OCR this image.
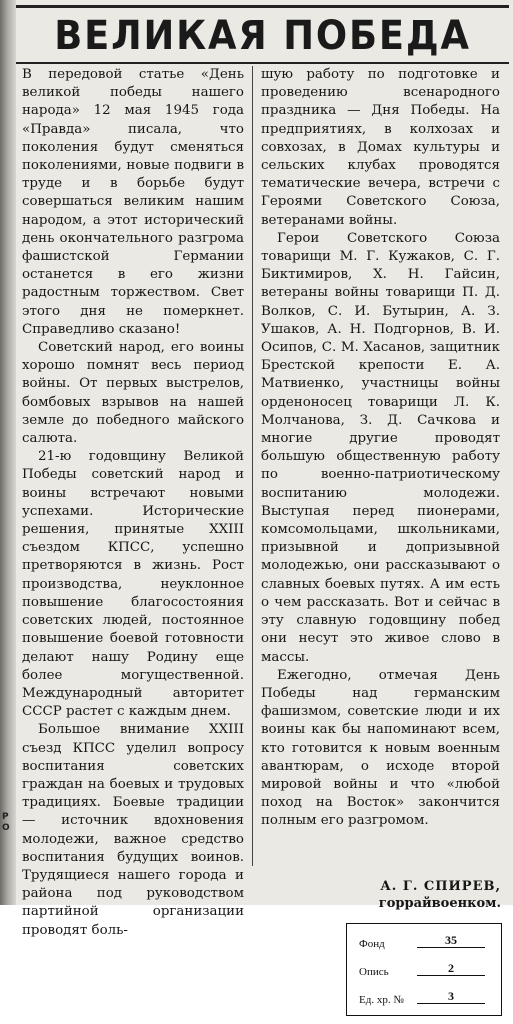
РО
ВЕЛИКАЯ ПОБЕДА

В передовой статье «День великой победы нашего народа» 12 мая 1945 года «Правда» писала, что поколения будут сменяться поколениями, новые подвиги в труде и в борьбе будут совершаться великим нашим народом, а этот исторический день окончательного разгрома фашистской Германии останется в его жизни радостным торжеством. Свет этого дня не померкнет. Справедливо сказано!

Советский народ, его воины хорошо помнят весь период войны. От первых выстрелов, бомбовых взрывов на нашей земле до победного майского салюта.

21-ю годовщину Великой Победы советский народ и воины встречают новыми успехами. Исторические решения, принятые XXIII съездом КПСС, успешно претворяются в жизнь. Рост производства, неуклонное повышение благосостояния советских людей, постоянное повышение боевой готовности делают нашу Родину еще более могущественной. Международный авторитет СССР растет с каждым днем.

Большое внимание XXIII съезд КПСС уделил вопросу воспитания советских граждан на боевых и трудовых традициях. Боевые традиции — источник вдохновения молодежи, важное средство воспитания будущих воинов. Трудящиеся нашего города и района под руководством партийной организации проводят боль-

шую работу по подготовке и проведению всенародного праздника — Дня Победы. На предприятиях, в колхозах и совхозах, в Домах культуры и сельских клубах проводятся тематические вечера, встречи с Героями Советского Союза, ветеранами войны.

Герои Советского Союза товарищи М. Г. Кужаков, С. Г. Биктимиров, Х. Н. Гайсин, ветераны войны товарищи П. Д. Волков, С. И. Бутырин, А. З. Ушаков, А. Н. Подгорнов, В. И. Осипов, С. М. Хасанов, защитник Брестской крепости Е. А. Матвиенко, участницы войны орденоносец товарищи Л. К. Молчанова, З. Д. Сачкова и многие другие проводят большую общественную работу по военно-патриотическому воспитанию молодежи. Выступая перед пионерами, комсомольцами, школьниками, призывной и допризывной молодежью, они рассказывают о славных боевых путях. А им есть о чем рассказать. Вот и сейчас в эту славную годовщину побед они несут это живое слово в массы.

Ежегодно, отмечая День Победы над германским фашизмом, советские люди и их воины как бы напоминают всем, кто готовится к новым военным авантюрам, о исходе второй мировой войны и что «любой поход на Восток» закончится полным его разгромом.

А. Г. СПИРЕВ,
горрайвоенком.
Фонд	35
Опись	2
Ед. хр. №	3
